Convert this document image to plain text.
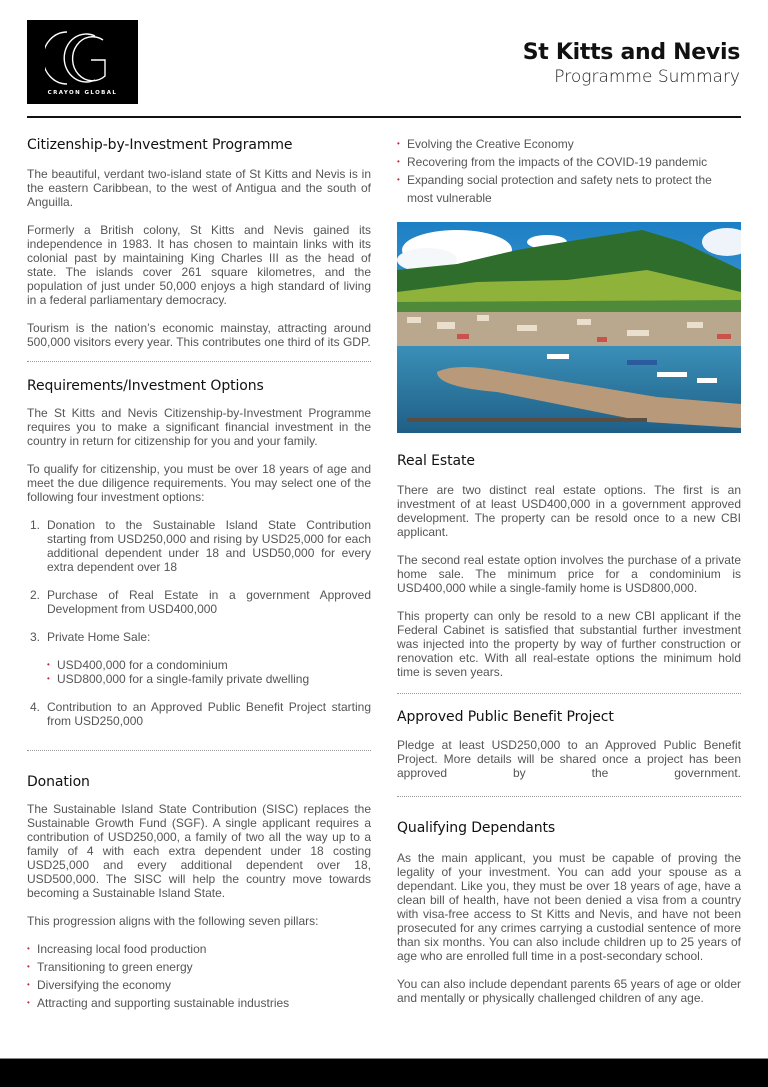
CRAYON GLOBAL
St Kitts and Nevis
Programme Summary
Citizenship-by-Investment Programme

The beautiful, verdant two-island state of St Kitts and Nevis is in the eastern Caribbean, to the west of Antigua and the south of Anguilla.

Formerly a British colony, St Kitts and Nevis gained its independence in 1983. It has chosen to maintain links with its colonial past by maintaining King Charles III as the head of state. The islands cover 261 square kilometres, and the population of just under 50,000 enjoys a high standard of living in a federal parliamentary democracy.

Tourism is the nation’s economic mainstay, attracting around 500,000 visitors every year. This contributes one third of its GDP.

Requirements/Investment Options

The St Kitts and Nevis Citizenship-by-Investment Programme requires you to make a significant financial investment in the country in return for citizenship for you and your family.

To qualify for citizenship, you must be over 18 years of age and meet the due diligence requirements. You may select one of the following four investment options:

1. Donation to the Sustainable Island State Contribution starting from USD250,000 and rising by USD25,000 for each additional dependent under 18 and USD50,000 for every extra dependent over 18
2. Purchase of Real Estate in a government Approved Development from USD400,000
3. Private Home Sale:
• USD400,000 for a condominium
• USD800,000 for a single-family private dwelling
4. Contribution to an Approved Public Benefit Project starting from USD250,000
Donation

The Sustainable Island State Contribution (SISC) replaces the Sustainable Growth Fund (SGF). A single applicant requires a contribution of USD250,000, a family of two all the way up to a family of 4 with each extra dependent under 18 costing USD25,000 and every additional dependent over 18, USD500,000. The SISC will help the country move towards becoming a Sustainable Island State.

This progression aligns with the following seven pillars:

• Increasing local food production
• Transitioning to green energy
• Diversifying the economy
• Attracting and supporting sustainable industries
• Evolving the Creative Economy
• Recovering from the impacts of the COVID-19 pandemic
• Expanding social protection and safety nets to protect the most vulnerable
Real Estate

There are two distinct real estate options. The first is an investment of at least USD400,000 in a government approved development. The property can be resold once to a new CBI applicant.

The second real estate option involves the purchase of a private home sale. The minimum price for a condominium is USD400,000 while a single-family home is USD800,000.

This property can only be resold to a new CBI applicant if the Federal Cabinet is satisfied that substantial further investment was injected into the property by way of further construction or renovation etc. With all real-estate options the minimum hold time is seven years.

Approved Public Benefit Project

Pledge at least USD250,000 to an Approved Public Benefit Project. More details will be shared once a project has been approved by the government.

Qualifying Dependants

As the main applicant, you must be capable of proving the legality of your investment. You can add your spouse as a dependant. Like you, they must be over 18 years of age, have a clean bill of health, have not been denied a visa from a country with visa-free access to St Kitts and Nevis, and have not been prosecuted for any crimes carrying a custodial sentence of more than six months. You can also include children up to 25 years of age who are enrolled full time in a post-secondary school.

You can also include dependant parents 65 years of age or older and mentally or physically challenged children of any age.
